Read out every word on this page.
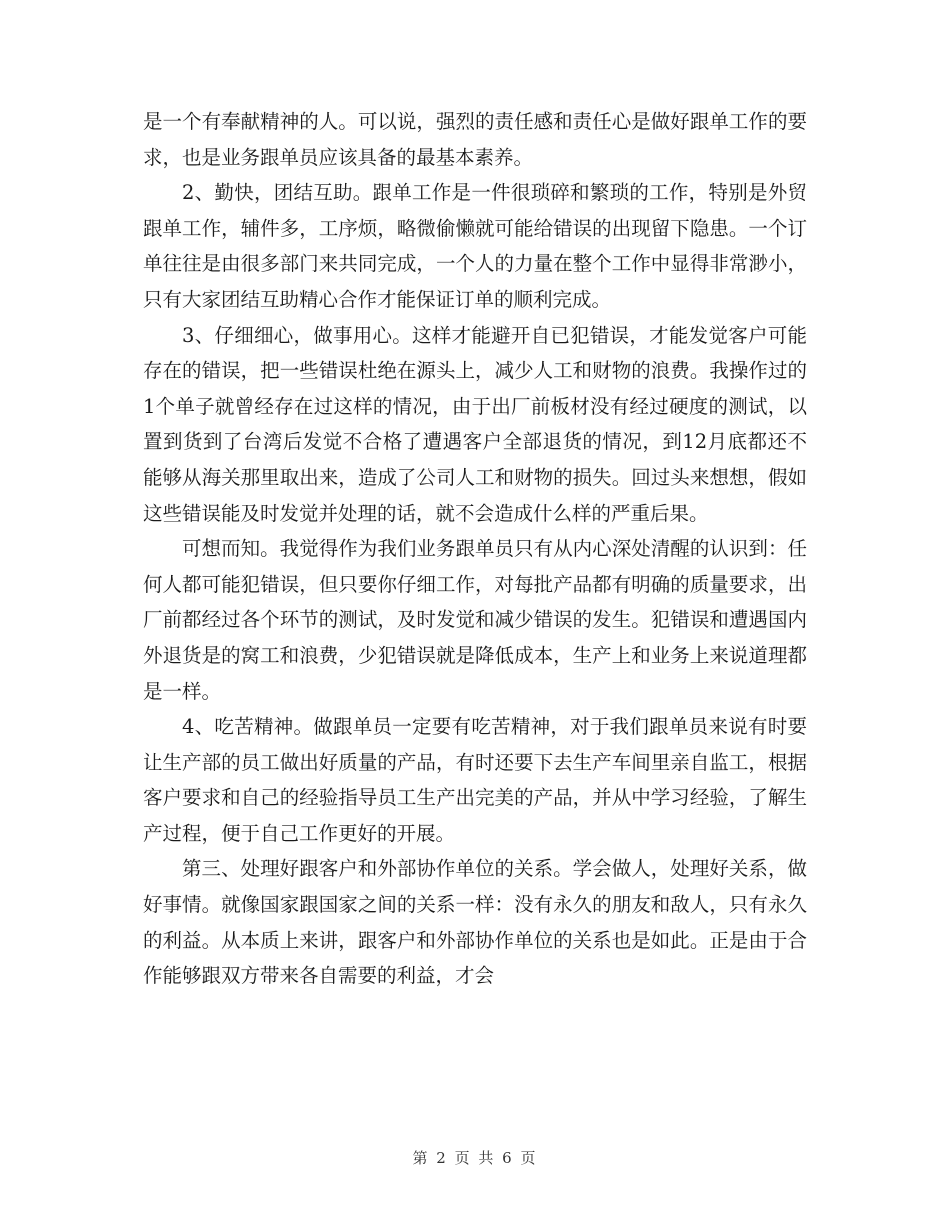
是一个有奉献精神的人。可以说，强烈的责任感和责任心是做好跟单工作的要求，也是业务跟单员应该具备的最基本素养。

2、勤快，团结互助。跟单工作是一件很琐碎和繁琐的工作，特别是外贸跟单工作，辅件多，工序烦，略微偷懒就可能给错误的出现留下隐患。一个订单往往是由很多部门来共同完成，一个人的力量在整个工作中显得非常渺小，只有大家团结互助精心合作才能保证订单的顺利完成。

3、仔细细心，做事用心。这样才能避开自已犯错误，才能发觉客户可能存在的错误，把一些错误杜绝在源头上，减少人工和财物的浪费。我操作过的1个单子就曾经存在过这样的情况，由于出厂前板材没有经过硬度的测试，以置到货到了台湾后发觉不合格了遭遇客户全部退货的情况，到12月底都还不能够从海关那里取出来，造成了公司人工和财物的损失。回过头来想想，假如这些错误能及时发觉并处理的话，就不会造成什么样的严重后果。

可想而知。我觉得作为我们业务跟单员只有从内心深处清醒的认识到：任何人都可能犯错误，但只要你仔细工作，对每批产品都有明确的质量要求，出厂前都经过各个环节的测试，及时发觉和减少错误的发生。犯错误和遭遇国内外退货是的窝工和浪费，少犯错误就是降低成本，生产上和业务上来说道理都是一样。

4、吃苦精神。做跟单员一定要有吃苦精神，对于我们跟单员来说有时要让生产部的员工做出好质量的产品，有时还要下去生产车间里亲自监工，根据客户要求和自己的经验指导员工生产出完美的产品，并从中学习经验，了解生产过程，便于自己工作更好的开展。

第三、处理好跟客户和外部协作单位的关系。学会做人，处理好关系，做好事情。就像国家跟国家之间的关系一样：没有永久的朋友和敌人，只有永久的利益。从本质上来讲，跟客户和外部协作单位的关系也是如此。正是由于合作能够跟双方带来各自需要的利益，才会

第 2 页 共 6 页
